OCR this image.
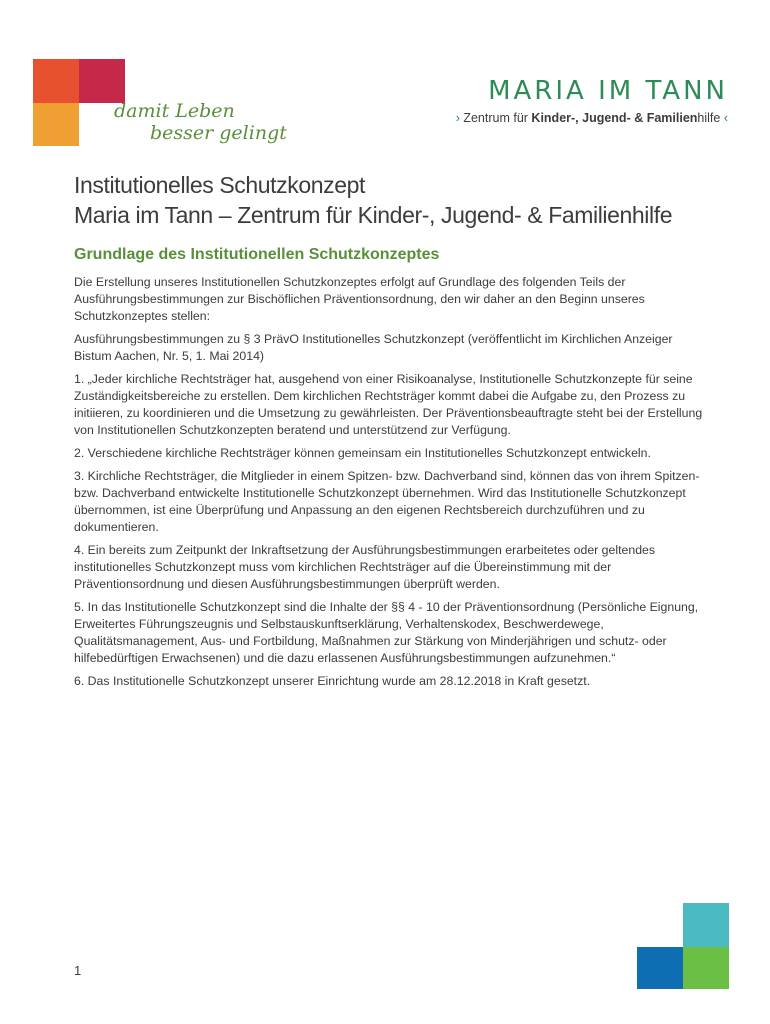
damit Leben
besser gelingt
MARIA IM TANN
› Zentrum für Kinder-, Jugend- & Familienhilfe ‹
Institutionelles Schutzkonzept
Maria im Tann – Zentrum für Kinder-, Jugend- & Familienhilfe
Grundlage des Institutionellen Schutzkonzeptes

Die Erstellung unseres Institutionellen Schutzkonzeptes erfolgt auf Grundlage des folgenden Teils der Ausführungsbestimmungen zur Bischöflichen Präventionsordnung, den wir daher an den Beginn unseres Schutzkonzeptes stellen:

Ausführungsbestimmungen zu § 3 PrävO Institutionelles Schutzkonzept (veröffentlicht im Kirchlichen Anzeiger Bistum Aachen, Nr. 5, 1. Mai 2014)

1. „Jeder kirchliche Rechtsträger hat, ausgehend von einer Risikoanalyse, Institutionelle Schutzkonzepte für seine Zuständigkeitsbereiche zu erstellen. Dem kirchlichen Rechtsträger kommt dabei die Aufgabe zu, den Prozess zu initiieren, zu koordinieren und die Umsetzung zu gewährleisten. Der Präventionsbeauftragte steht bei der Erstellung von Institutionellen Schutzkonzepten beratend und unterstützend zur Verfügung.

2. Verschiedene kirchliche Rechtsträger können gemeinsam ein Institutionelles Schutzkonzept entwickeln.

3. Kirchliche Rechtsträger, die Mitglieder in einem Spitzen- bzw. Dachverband sind, können das von ihrem Spitzen- bzw. Dachverband entwickelte Institutionelle Schutzkonzept übernehmen. Wird das Institutionelle Schutzkonzept übernommen, ist eine Überprüfung und Anpassung an den eigenen Rechtsbereich durchzuführen und zu dokumentieren.

4. Ein bereits zum Zeitpunkt der Inkraftsetzung der Ausführungsbestimmungen erarbeitetes oder geltendes institutionelles Schutzkonzept muss vom kirchlichen Rechtsträger auf die Übereinstimmung mit der Präventionsordnung und diesen Ausführungsbestimmungen überprüft werden.

5. In das Institutionelle Schutzkonzept sind die Inhalte der §§ 4 - 10 der Präventionsordnung (Persönliche Eignung, Erweitertes Führungszeugnis und Selbstauskunftserklärung, Verhaltenskodex, Beschwerdewege, Qualitätsmanagement, Aus- und Fortbildung, Maßnahmen zur Stärkung von Minderjährigen und schutz- oder hilfebedürftigen Erwachsenen) und die dazu erlassenen Ausführungsbestimmungen aufzunehmen.“

6. Das Institutionelle Schutzkonzept unserer Einrichtung wurde am 28.12.2018 in Kraft gesetzt.

1
